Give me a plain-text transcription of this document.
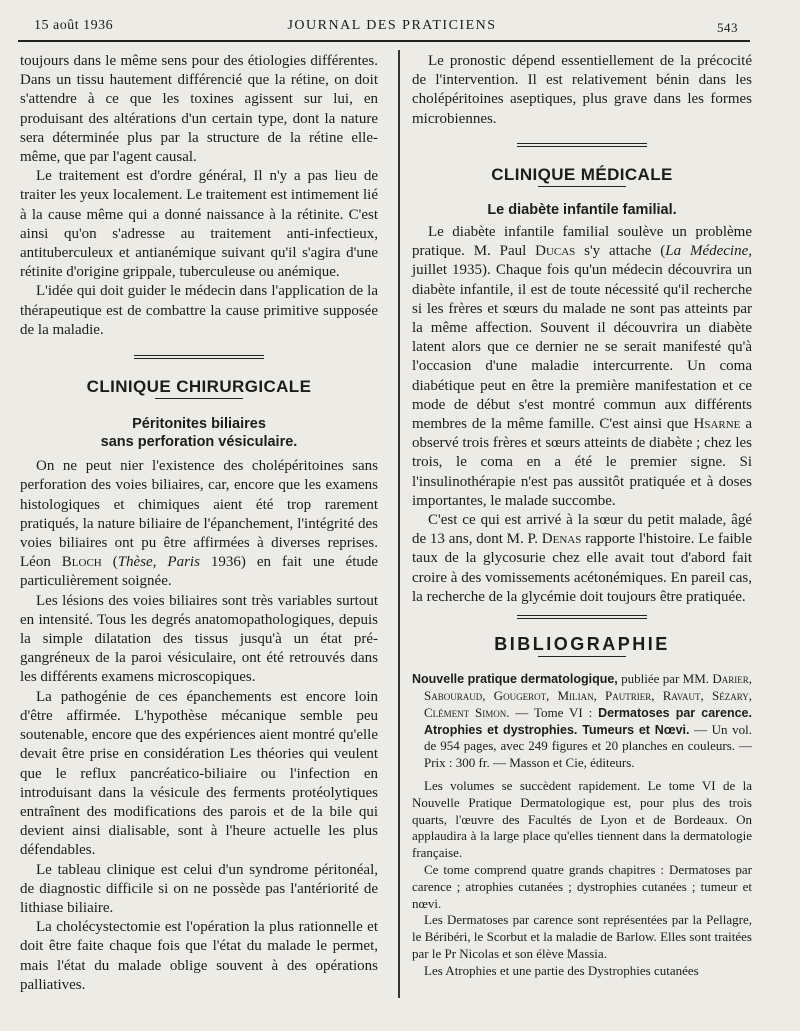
15 août 1936	JOURNAL DES PRATICIENS	543

toujours dans le même sens pour des étiologies différentes. Dans un tissu hautement différencié que la rétine, on doit s'attendre à ce que les toxines agissent sur lui, en produisant des altérations d'un certain type, dont la nature sera déterminée plus par la structure de la rétine elle-même, que par l'agent causal.

Le traitement est d'ordre général, Il n'y a pas lieu de traiter les yeux localement. Le traitement est intimement lié à la cause même qui a donné naissance à la rétinite. C'est ainsi qu'on s'adresse au traitement anti-infectieux, antituberculeux et antianémique suivant qu'il s'agira d'une rétinite d'origine grippale, tuberculeuse ou anémique.

L'idée qui doit guider le médecin dans l'application de la thérapeutique est de combattre la cause primitive supposée de la maladie.

CLINIQUE CHIRURGICALE
Péritonites biliaires
sans perforation vésiculaire.

On ne peut nier l'existence des cholépéritoines sans perforation des voies biliaires, car, encore que les examens histologiques et chimiques aient été trop rarement pratiqués, la nature biliaire de l'épanchement, l'intégrité des voies biliaires ont pu être affirmées à diverses reprises. Léon Bloch (Thèse, Paris 1936) en fait une étude particulièrement soignée.

Les lésions des voies biliaires sont très variables surtout en intensité. Tous les degrés anatomopathologiques, depuis la simple dilatation des tissus jusqu'à un état pré-gangréneux de la paroi vésiculaire, ont été retrouvés dans les différents examens microscopiques.

La pathogénie de ces épanchements est encore loin d'être affirmée. L'hypothèse mécanique semble peu soutenable, encore que des expériences aient montré qu'elle devait être prise en considération Les théories qui veulent que le reflux pancréatico-biliaire ou l'infection en introduisant dans la vésicule des ferments protéolytiques entraînent des modifications des parois et de la bile qui devient ainsi dialisable, sont à l'heure actuelle les plus défendables.

Le tableau clinique est celui d'un syndrome péritonéal, de diagnostic difficile si on ne possède pas l'antériorité de lithiase biliaire.

La cholécystectomie est l'opération la plus rationnelle et doit être faite chaque fois que l'état du malade le permet, mais l'état du malade oblige souvent à des opérations palliatives.

Le pronostic dépend essentiellement de la précocité de l'intervention. Il est relativement bénin dans les cholépéritoines aseptiques, plus grave dans les formes microbiennes.

CLINIQUE MÉDICALE
Le diabète infantile familial.

Le diabète infantile familial soulève un problème pratique. M. Paul Ducas s'y attache (La Médecine, juillet 1935). Chaque fois qu'un médecin découvrira un diabète infantile, il est de toute nécessité qu'il recherche si les frères et sœurs du malade ne sont pas atteints par la même affection. Souvent il découvrira un diabète latent alors que ce dernier ne se serait manifesté qu'à l'occasion d'une maladie intercurrente. Un coma diabétique peut en être la première manifestation et ce mode de début s'est montré commun aux différents membres de la même famille. C'est ainsi que Hsarne a observé trois frères et sœurs atteints de diabète ; chez les trois, le coma en a été le premier signe. Si l'insulinothérapie n'est pas aussitôt pratiquée et à doses importantes, le malade succombe.

C'est ce qui est arrivé à la sœur du petit malade, âgé de 13 ans, dont M. P. Denas rapporte l'histoire. Le faible taux de la glycosurie chez elle avait tout d'abord fait croire à des vomissements acétonémiques. En pareil cas, la recherche de la glycémie doit toujours être pratiquée.

BIBLIOGRAPHIE

Nouvelle pratique dermatologique, publiée par MM. Darier, Sabouraud, Gougerot, Milian, Pautrier, Ravaut, Sézary, Clément Simon. — Tome VI : Dermatoses par carence. Atrophies et dystrophies. Tumeurs et Nœvi. — Un vol. de 954 pages, avec 249 figures et 20 planches en couleurs. — Prix : 300 fr. — Masson et Cie, éditeurs.

Les volumes se succèdent rapidement. Le tome VI de la Nouvelle Pratique Dermatologique est, pour plus des trois quarts, l'œuvre des Facultés de Lyon et de Bordeaux. On applaudira à la large place qu'elles tiennent dans la dermatologie française.

Ce tome comprend quatre grands chapitres : Dermatoses par carence ; atrophies cutanées ; dystrophies cutanées ; tumeur et nœvi.

Les Dermatoses par carence sont représentées par la Pellagre, le Béribéri, le Scorbut et la maladie de Barlow. Elles sont traitées par le Pr Nicolas et son élève Massia.

Les Atrophies et une partie des Dystrophies cutanées
